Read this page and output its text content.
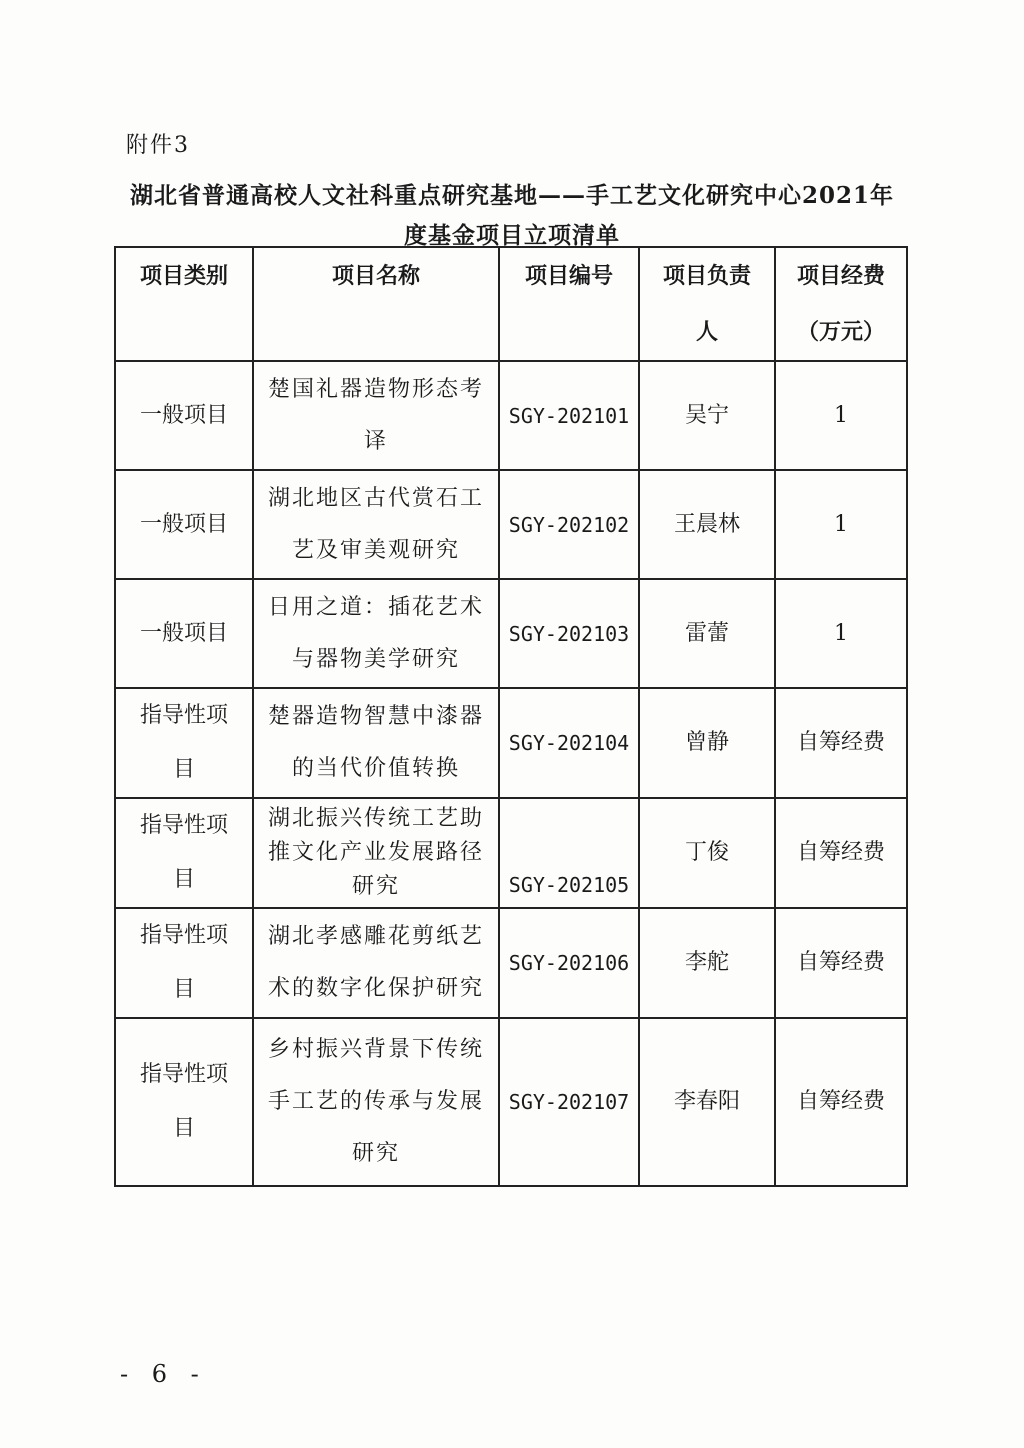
附件3
湖北省普通高校人文社科重点研究基地——手工艺文化研究中心2021年
度基金项目立项清单
项目类别	项目名称	项目编号	项目负责人	项目经费（万元）
一般项目	楚国礼器造物形态考译	SGY-202101	吴宁	1
一般项目	湖北地区古代赏石工艺及审美观研究	SGY-202102	王晨林	1
一般项目	日用之道：插花艺术与器物美学研究	SGY-202103	雷蕾	1
指导性项目	楚器造物智慧中漆器的当代价值转换	SGY-202104	曾静	自筹经费
指导性项目	湖北振兴传统工艺助推文化产业发展路径研究	SGY-202105	丁俊	自筹经费
指导性项目	湖北孝感雕花剪纸艺术的数字化保护研究	SGY-202106	李舵	自筹经费
指导性项目	乡村振兴背景下传统手工艺的传承与发展研究	SGY-202107	李春阳	自筹经费
- 6 -
